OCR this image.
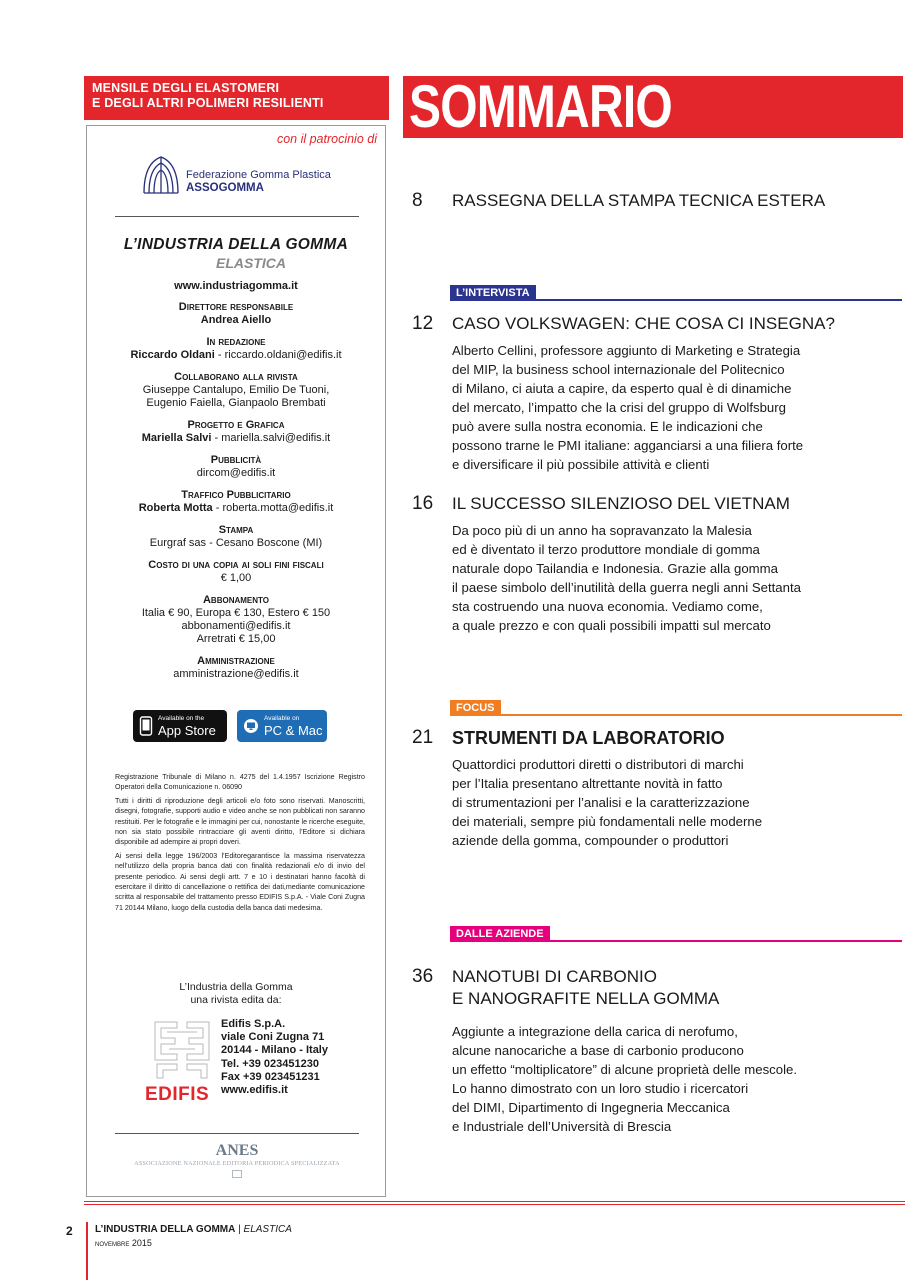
MENSILE DEGLI ELASTOMERI
E DEGLI ALTRI POLIMERI RESILIENTI
con il patrocinio di
Federazione Gomma Plastica
ASSOGOMMA
L’INDUSTRIA DELLA GOMMA
ELASTICA
www.industriagomma.it
Direttore responsabile
Andrea Aiello
In redazione
Riccardo Oldani - riccardo.oldani@edifis.it
Collaborano alla rivista
Giuseppe Cantalupo, Emilio De Tuoni,
Eugenio Faiella, Gianpaolo Brembati
Progetto e Grafica
Mariella Salvi - mariella.salvi@edifis.it
Pubblicità
dircom@edifis.it
Traffico Pubblicitario
Roberta Motta - roberta.motta@edifis.it
Stampa
Eurgraf sas - Cesano Boscone (MI)
Costo di una copia ai soli fini fiscali
€ 1,00
Abbonamento
Italia € 90, Europa € 130, Estero € 150
abbonamenti@edifis.it
Arretrati € 15,00
Amministrazione
amministrazione@edifis.it
Available on the
App Store
Available on
PC & Mac

Registrazione Tribunale di Milano n. 4275 del 1.4.1957 Iscrizione Registro Operatori della Comunicazione n. 06090

Tutti i diritti di riproduzione degli articoli e/o foto sono riservati. Manoscritti, disegni, fotografie, supporti audio e video anche se non pubblicati non saranno restituiti. Per le fotografie e le immagini per cui, nonostante le ricerche eseguite, non sia stato possibile rintracciare gli aventi diritto, l’Editore si dichiara disponibile ad adempire ai propri doveri.

Ai sensi della legge 196/2003 l’Editoregarantisce la massima riservatezza nell’utilizzo della propria banca dati con finalità redazionali e/o di invio del presente periodico. Ai sensi degli artt. 7 e 10 i destinatari hanno facoltà di esercitare il diritto di cancellazione o rettifica dei dati,mediante comunicazione scritta al responsabile del trattamento presso EDIFIS S.p.A. - Viale Coni Zugna 71 20144 Milano, luogo della custodia della banca dati medesima.

L’Industria della Gomma
una rivista edita da:
EDIFIS
Edifis S.p.A.
viale Coni Zugna 71
20144 - Milano - Italy
Tel. +39 023451230
Fax +39 023451231
www.edifis.it
ANES
ASSOCIAZIONE NAZIONALE EDITORIA PERIODICA SPECIALIZZATA
SOMMARIO
8 RASSEGNA DELLA STAMPA TECNICA ESTERA
L’INTERVISTA
12 CASO VOLKSWAGEN: CHE COSA CI INSEGNA?
Alberto Cellini, professore aggiunto di Marketing e Strategia
del MIP, la business school internazionale del Politecnico
di Milano, ci aiuta a capire, da esperto qual è di dinamiche
del mercato, l’impatto che la crisi del gruppo di Wolfsburg
può avere sulla nostra economia. E le indicazioni che
possono trarne le PMI italiane: agganciarsi a una filiera forte
e diversificare il più possibile attività e clienti
16 IL SUCCESSO SILENZIOSO DEL VIETNAM
Da poco più di un anno ha sopravanzato la Malesia
ed è diventato il terzo produttore mondiale di gomma
naturale dopo Tailandia e Indonesia. Grazie alla gomma
il paese simbolo dell’inutilità della guerra negli anni Settanta
sta costruendo una nuova economia. Vediamo come,
a quale prezzo e con quali possibili impatti sul mercato
FOCUS
21 STRUMENTI DA LABORATORIO
Quattordici produttori diretti o distributori di marchi
per l’Italia presentano altrettante novità in fatto
di strumentazioni per l’analisi e la caratterizzazione
dei materiali, sempre più fondamentali nelle moderne
aziende della gomma, compounder o produttori
DALLE AZIENDE
36 NANOTUBI DI CARBONIO
E NANOGRAFITE NELLA GOMMA
Aggiunte a integrazione della carica di nerofumo,
alcune nanocariche a base di carbonio producono
un effetto “moltiplicatore” di alcune proprietà delle mescole.
Lo hanno dimostrato con un loro studio i ricercatori
del DIMI, Dipartimento di Ingegneria Meccanica
e Industriale dell’Università di Brescia
2 L’INDUSTRIA DELLA GOMMA | ELASTICA
novembre 2015
